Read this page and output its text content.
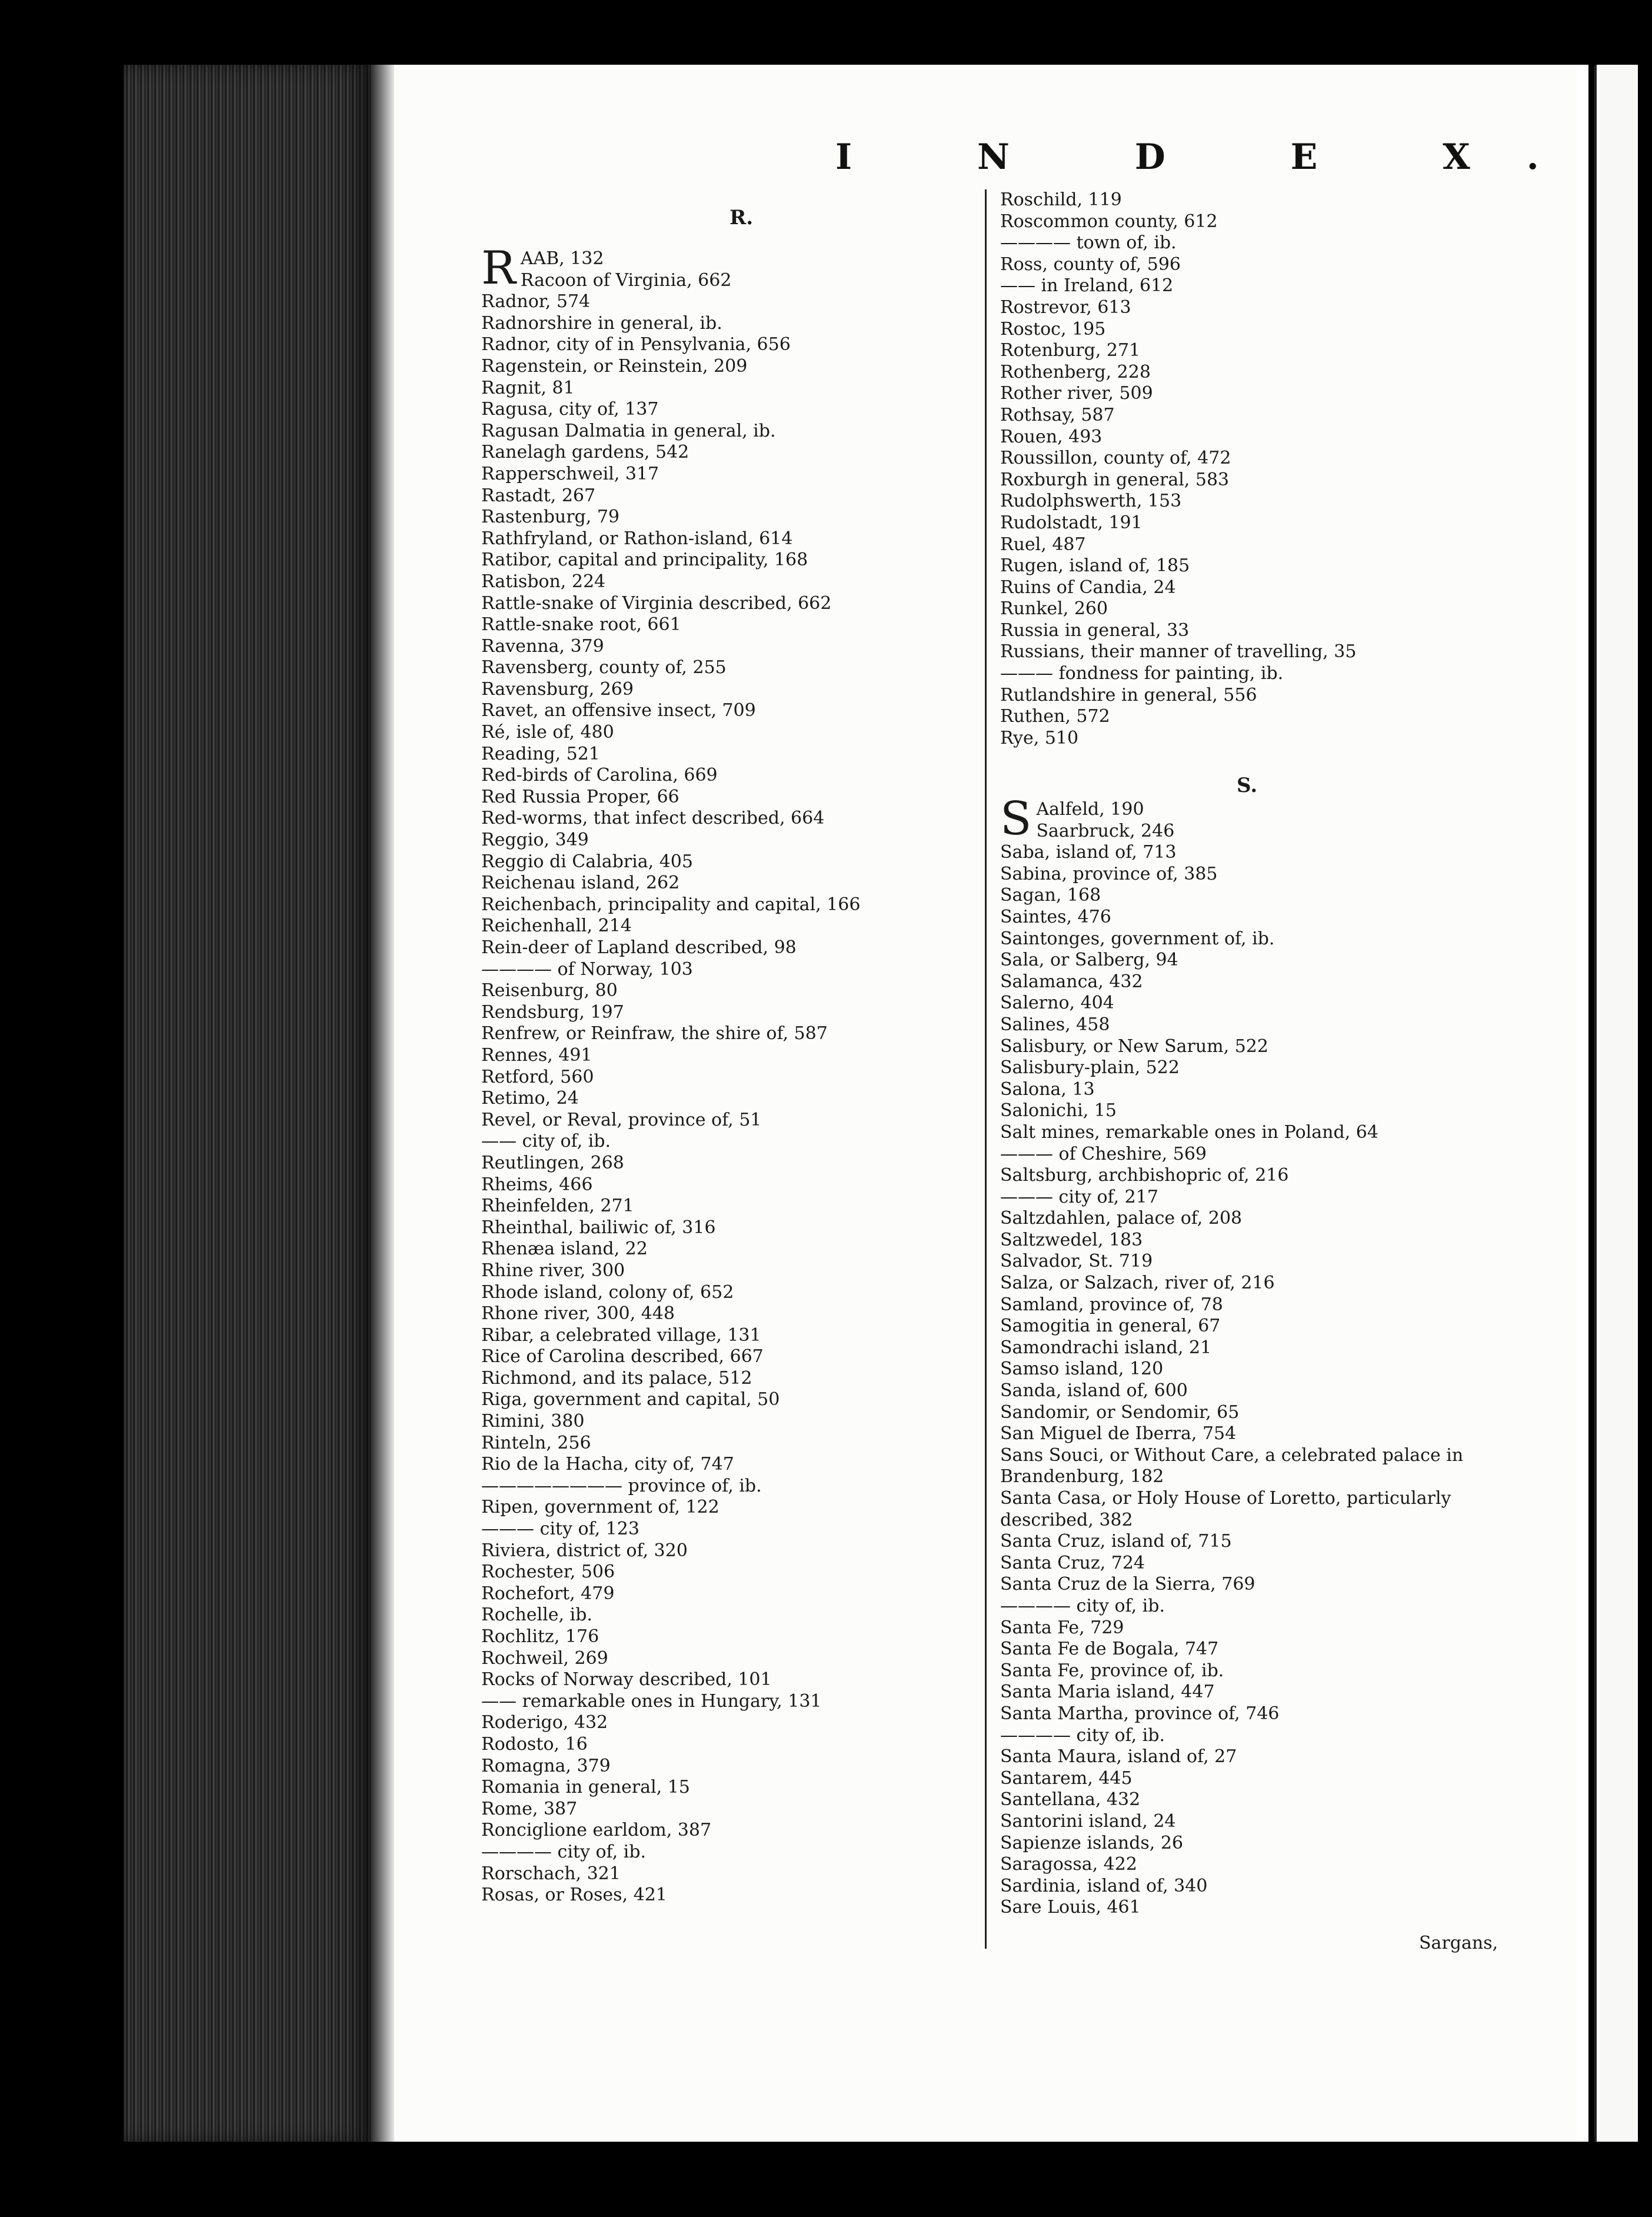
I N D E X.
R.
R AAB, 132
Racoon of Virginia, 662
Radnor, 574
Radnorshire in general, ib.
Radnor, city of in Pensylvania, 656
Ragenstein, or Reinstein, 209
Ragnit, 81
Ragusa, city of, 137
Ragusan Dalmatia in general, ib.
Ranelagh gardens, 542
Rapperschweil, 317
Rastadt, 267
Rastenburg, 79
Rathfryland, or Rathon-island, 614
Ratibor, capital and principality, 168
Ratisbon, 224
Rattle-snake of Virginia described, 662
Rattle-snake root, 661
Ravenna, 379
Ravensberg, county of, 255
Ravensburg, 269
Ravet, an offensive insect, 709
Ré, isle of, 480
Reading, 521
Red-birds of Carolina, 669
Red Russia Proper, 66
Red-worms, that infect described, 664
Reggio, 349
Reggio di Calabria, 405
Reichenau island, 262
Reichenbach, principality and capital, 166
Reichenhall, 214
Rein-deer of Lapland described, 98
———— of Norway, 103
Reisenburg, 80
Rendsburg, 197
Renfrew, or Reinfraw, the shire of, 587
Rennes, 491
Retford, 560
Retimo, 24
Revel, or Reval, province of, 51
—— city of, ib.
Reutlingen, 268
Rheims, 466
Rheinfelden, 271
Rheinthal, bailiwic of, 316
Rhenæa island, 22
Rhine river, 300
Rhode island, colony of, 652
Rhone river, 300, 448
Ribar, a celebrated village, 131
Rice of Carolina described, 667
Richmond, and its palace, 512
Riga, government and capital, 50
Rimini, 380
Rinteln, 256
Rio de la Hacha, city of, 747
———————— province of, ib.
Ripen, government of, 122
——— city of, 123
Riviera, district of, 320
Rochester, 506
Rochefort, 479
Rochelle, ib.
Rochlitz, 176
Rochweil, 269
Rocks of Norway described, 101
—— remarkable ones in Hungary, 131
Roderigo, 432
Rodosto, 16
Romagna, 379
Romania in general, 15
Rome, 387
Ronciglione earldom, 387
———— city of, ib.
Rorschach, 321
Rosas, or Roses, 421
Roschild, 119
Roscommon county, 612
———— town of, ib.
Ross, county of, 596
—— in Ireland, 612
Rostrevor, 613
Rostoc, 195
Rotenburg, 271
Rothenberg, 228
Rother river, 509
Rothsay, 587
Rouen, 493
Roussillon, county of, 472
Roxburgh in general, 583
Rudolphswerth, 153
Rudolstadt, 191
Ruel, 487
Rugen, island of, 185
Ruins of Candia, 24
Runkel, 260
Russia in general, 33
Russians, their manner of travelling, 35
——— fondness for painting, ib.
Rutlandshire in general, 556
Ruthen, 572
Rye, 510
S.
S Aalfeld, 190
Saarbruck, 246
Saba, island of, 713
Sabina, province of, 385
Sagan, 168
Saintes, 476
Saintonges, government of, ib.
Sala, or Salberg, 94
Salamanca, 432
Salerno, 404
Salines, 458
Salisbury, or New Sarum, 522
Salisbury-plain, 522
Salona, 13
Salonichi, 15
Salt mines, remarkable ones in Poland, 64
——— of Cheshire, 569
Saltsburg, archbishopric of, 216
——— city of, 217
Saltzdahlen, palace of, 208
Saltzwedel, 183
Salvador, St. 719
Salza, or Salzach, river of, 216
Samland, province of, 78
Samogitia in general, 67
Samondrachi island, 21
Samso island, 120
Sanda, island of, 600
Sandomir, or Sendomir, 65
San Miguel de Iberra, 754
Sans Souci, or Without Care, a celebrated palace in Brandenburg, 182
Santa Casa, or Holy House of Loretto, particularly described, 382
Santa Cruz, island of, 715
Santa Cruz, 724
Santa Cruz de la Sierra, 769
———— city of, ib.
Santa Fe, 729
Santa Fe de Bogala, 747
Santa Fe, province of, ib.
Santa Maria island, 447
Santa Martha, province of, 746
———— city of, ib.
Santa Maura, island of, 27
Santarem, 445
Santellana, 432
Santorini island, 24
Sapienze islands, 26
Saragossa, 422
Sardinia, island of, 340
Sare Louis, 461
Sargans,
